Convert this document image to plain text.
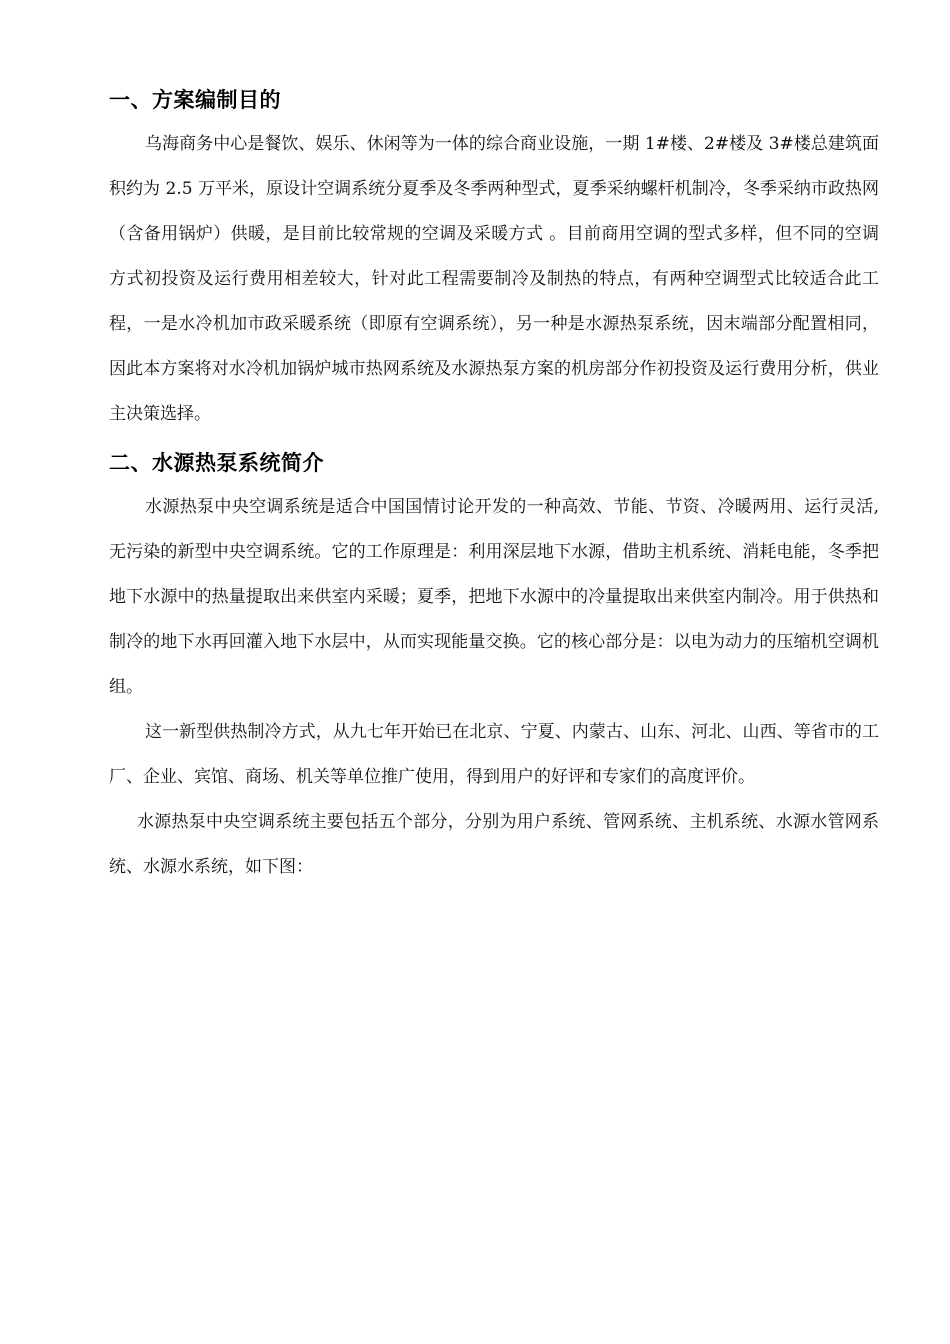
一、方案编制目的

乌海商务中心是餐饮、娱乐、休闲等为一体的综合商业设施，一期 1#楼、2#楼及 3#楼总建筑面积约为 2.5 万平米，原设计空调系统分夏季及冬季两种型式，夏季采纳螺杆机制冷，冬季采纳市政热网（含备用锅炉）供暖，是目前比较常规的空调及采暖方式 。目前商用空调的型式多样，但不同的空调方式初投资及运行费用相差较大，针对此工程需要制冷及制热的特点，有两种空调型式比较适合此工程，一是水冷机加市政采暖系统（即原有空调系统），另一种是水源热泵系统，因末端部分配置相同，因此本方案将对水冷机加锅炉城市热网系统及水源热泵方案的机房部分作初投资及运行费用分析，供业主决策选择。

二、水源热泵系统简介

水源热泵中央空调系统是适合中国国情讨论开发的一种高效、节能、节资、冷暖两用、运行灵活,无污染的新型中央空调系统。它的工作原理是：利用深层地下水源，借助主机系统、消耗电能，冬季把地下水源中的热量提取出来供室内采暖；夏季，把地下水源中的冷量提取出来供室内制冷。用于供热和制冷的地下水再回灌入地下水层中，从而实现能量交换。它的核心部分是：以电为动力的压缩机空调机组。

这一新型供热制冷方式，从九七年开始已在北京、宁夏、内蒙古、山东、河北、山西、等省市的工厂、企业、宾馆、商场、机关等单位推广使用，得到用户的好评和专家们的高度评价。

水源热泵中央空调系统主要包括五个部分，分别为用户系统、管网系统、主机系统、水源水管网系统、水源水系统，如下图：
